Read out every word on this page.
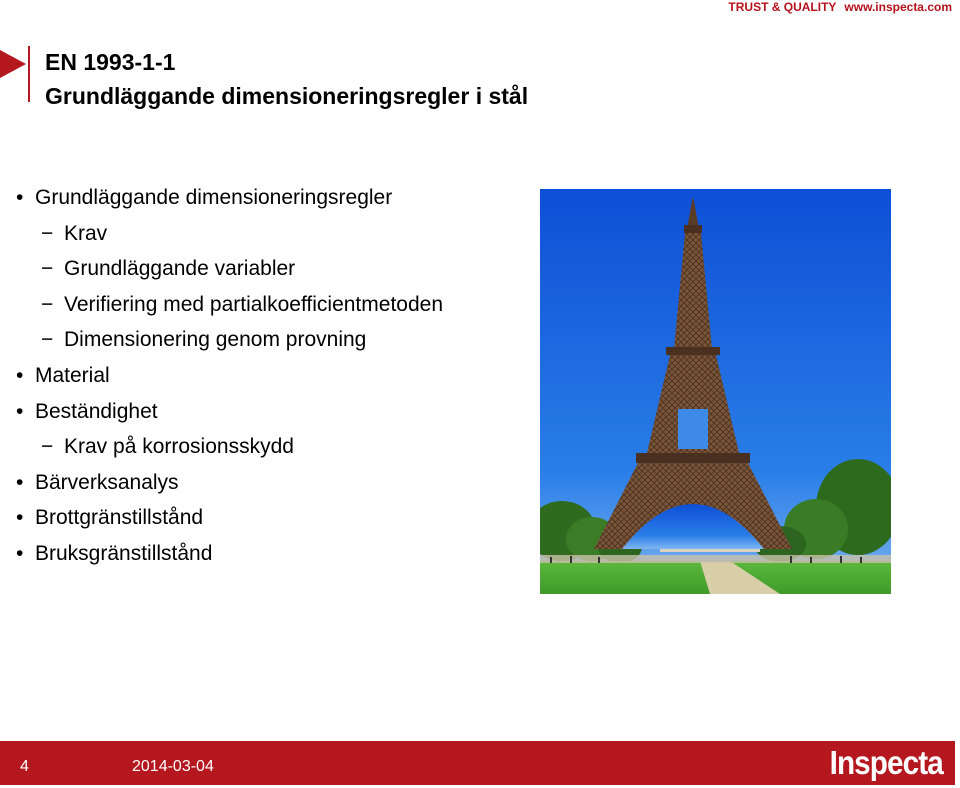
TRUST & QUALITY www.inspecta.com
EN 1993-1-1
Grundläggande dimensioneringsregler i stål
• Grundläggande dimensioneringsregler
− Krav
− Grundläggande variabler
− Verifiering med partialkoefficientmetoden
− Dimensionering genom provning
• Material
• Beständighet
− Krav på korrosionsskydd
• Bärverksanalys
• Brottgränstillstånd
• Bruksgränstillstånd
4	2014-03-04	Inspecta
